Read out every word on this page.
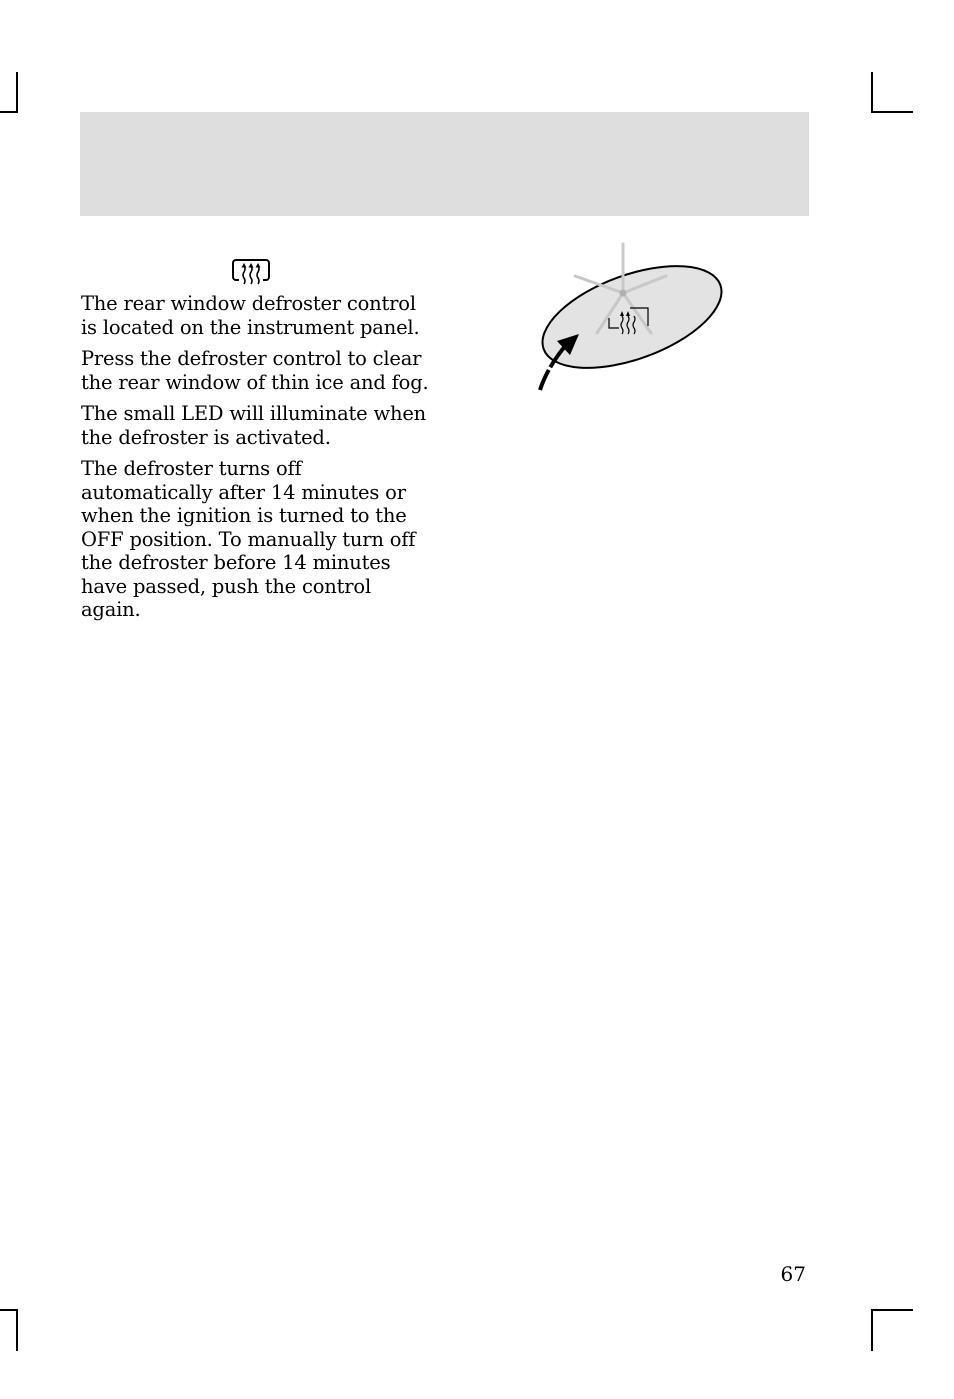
The rear window defroster control is located on the instrument panel.

Press the defroster control to clear the rear window of thin ice and fog.

The small LED will illuminate when the defroster is activated.

The defroster turns off automatically after 14 minutes or when the ignition is turned to the OFF position. To manually turn off the defroster before 14 minutes have passed, push the control again.

67
